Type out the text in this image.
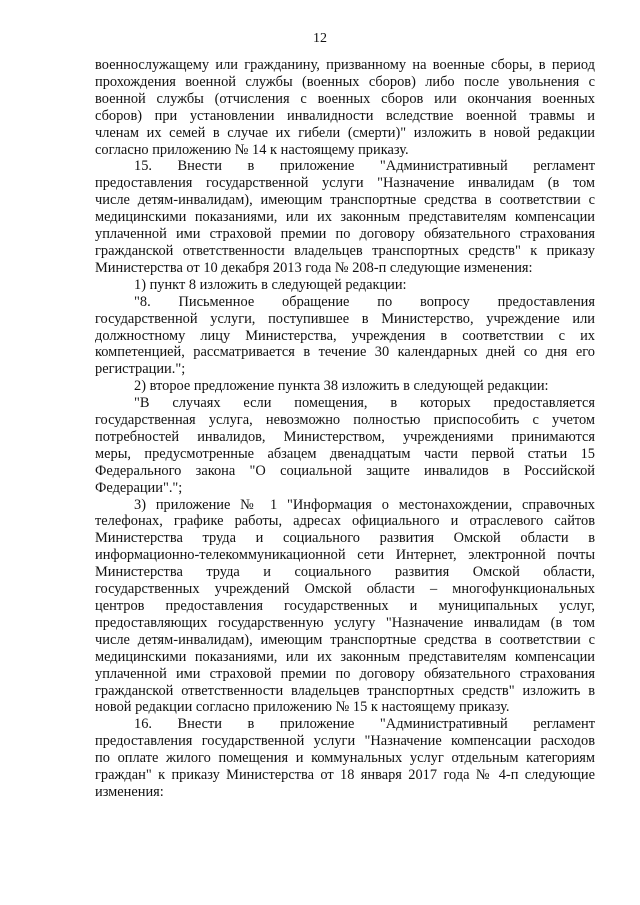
12

военнослужащему или гражданину, призванному на военные сборы, в период

прохождения военной службы (военных сборов) либо после увольнения с

военной службы (отчисления с военных сборов или окончания военных

сборов) при установлении инвалидности вследствие военной травмы и

членам их семей в случае их гибели (смерти)" изложить в новой редакции

согласно приложению № 14 к настоящему приказу.

15. Внести в приложение "Административный регламент

предоставления государственной услуги "Назначение инвалидам (в том

числе детям-инвалидам), имеющим транспортные средства в соответствии с

медицинскими показаниями, или их законным представителям компенсации

уплаченной ими страховой премии по договору обязательного страхования

гражданской ответственности владельцев транспортных средств" к приказу

Министерства от 10 декабря 2013 года № 208-п следующие изменения:

1) пункт 8 изложить в следующей редакции:

"8. Письменное обращение по вопросу предоставления

государственной услуги, поступившее в Министерство, учреждение или

должностному лицу Министерства, учреждения в соответствии с их

компетенцией, рассматривается в течение 30 календарных дней со дня его

регистрации.";

2) второе предложение пункта 38 изложить в следующей редакции:

"В случаях если помещения, в которых предоставляется

государственная услуга, невозможно полностью приспособить с учетом

потребностей инвалидов, Министерством, учреждениями принимаются

меры, предусмотренные абзацем двенадцатым части первой статьи 15

Федерального закона "О социальной защите инвалидов в Российской

Федерации".";

3) приложение № 1 "Информация о местонахождении, справочных

телефонах, графике работы, адресах официального и отраслевого сайтов

Министерства труда и социального развития Омской области в

информационно-телекоммуникационной сети Интернет, электронной почты

Министерства труда и социального развития Омской области,

государственных учреждений Омской области – многофункциональных

центров предоставления государственных и муниципальных услуг,

предоставляющих государственную услугу "Назначение инвалидам (в том

числе детям-инвалидам), имеющим транспортные средства в соответствии с

медицинскими показаниями, или их законным представителям компенсации

уплаченной ими страховой премии по договору обязательного страхования

гражданской ответственности владельцев транспортных средств" изложить в

новой редакции согласно приложению № 15 к настоящему приказу.

16. Внести в приложение "Административный регламент

предоставления государственной услуги "Назначение компенсации расходов

по оплате жилого помещения и коммунальных услуг отдельным категориям

граждан" к приказу Министерства от 18 января 2017 года № 4-п следующие

изменения:
